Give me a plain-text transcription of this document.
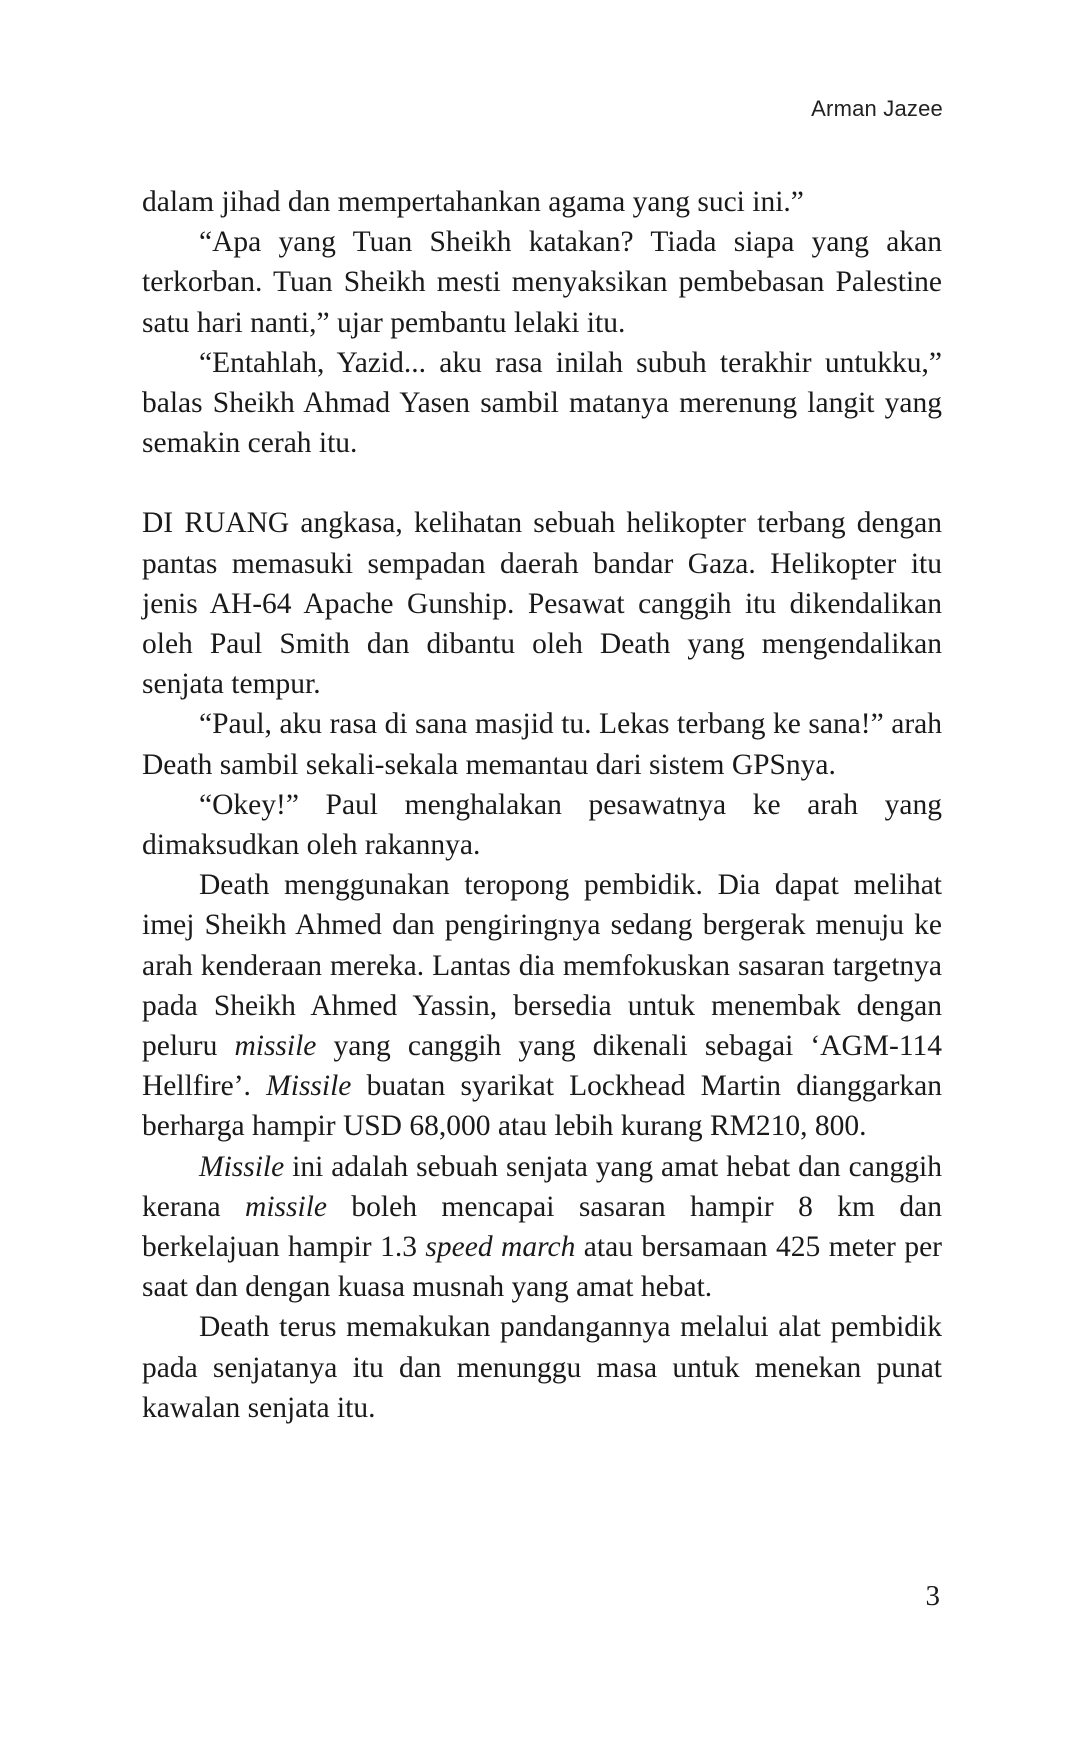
Arman Jazee

dalam jihad dan mempertahankan agama yang suci ini.”

“Apa yang Tuan Sheikh katakan? Tiada siapa yang akan terkorban. Tuan Sheikh mesti menyaksikan pembebasan Palestine satu hari nanti,” ujar pembantu lelaki itu.

“Entahlah, Yazid... aku rasa inilah subuh terakhir untukku,” balas Sheikh Ahmad Yasen sambil matanya merenung langit yang semakin cerah itu.

DI RUANG angkasa, kelihatan sebuah helikopter terbang dengan pantas memasuki sempadan daerah bandar Gaza. Helikopter itu jenis AH-64 Apache Gunship. Pesawat canggih itu dikendalikan oleh Paul Smith dan dibantu oleh Death yang mengendalikan senjata tempur.

“Paul, aku rasa di sana masjid tu. Lekas terbang ke sana!” arah Death sambil sekali-sekala memantau dari sistem GPSnya.

“Okey!” Paul menghalakan pesawatnya ke arah yang dimaksudkan oleh rakannya.

Death menggunakan teropong pembidik. Dia dapat melihat imej Sheikh Ahmed dan pengiringnya sedang bergerak menuju ke arah kenderaan mereka. Lantas dia memfokuskan sasaran targetnya pada Sheikh Ahmed Yassin, bersedia untuk menembak dengan peluru missile yang canggih yang dikenali sebagai ‘AGM-114 Hellfire’. Missile buatan syarikat Lockhead Martin dianggarkan berharga hampir USD 68,000 atau lebih kurang RM210, 800.

Missile ini adalah sebuah senjata yang amat hebat dan canggih kerana missile boleh mencapai sasaran hampir 8 km dan berkelajuan hampir 1.3 speed march atau bersamaan 425 meter per saat dan dengan kuasa musnah yang amat hebat.

Death terus memakukan pandangannya melalui alat pembidik pada senjatanya itu dan menunggu masa untuk menekan punat kawalan senjata itu.

3
